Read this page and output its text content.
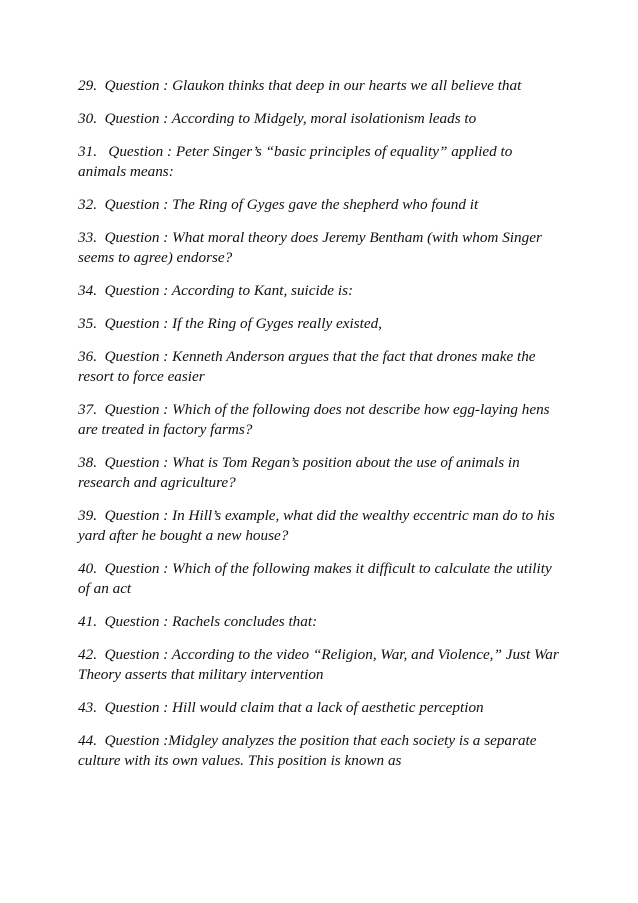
29.  Question : Glaukon thinks that deep in our hearts we all believe that
30.  Question : According to Midgely, moral isolationism leads to
31.   Question : Peter Singer’s “basic principles of equality” applied to animals means:
32.  Question : The Ring of Gyges gave the shepherd who found it
33.  Question : What moral theory does Jeremy Bentham (with whom Singer seems to agree) endorse?
34.  Question : According to Kant, suicide is:
35.  Question : If the Ring of Gyges really existed,
36.  Question : Kenneth Anderson argues that the fact that drones make the resort to force easier
37.  Question : Which of the following does not describe how egg-laying hens are treated in factory farms?
38.  Question : What is Tom Regan’s position about the use of animals in research and agriculture?
39.  Question : In Hill’s example, what did the wealthy eccentric man do to his yard after he bought a new house?
40.  Question : Which of the following makes it difficult to calculate the utility of an act
41.  Question : Rachels concludes that:
42.  Question : According to the video “Religion, War, and Violence,” Just War Theory asserts that military intervention
43.  Question : Hill would claim that a lack of aesthetic perception
44.  Question :Midgley analyzes the position that each society is a separate culture with its own values. This position is known as
